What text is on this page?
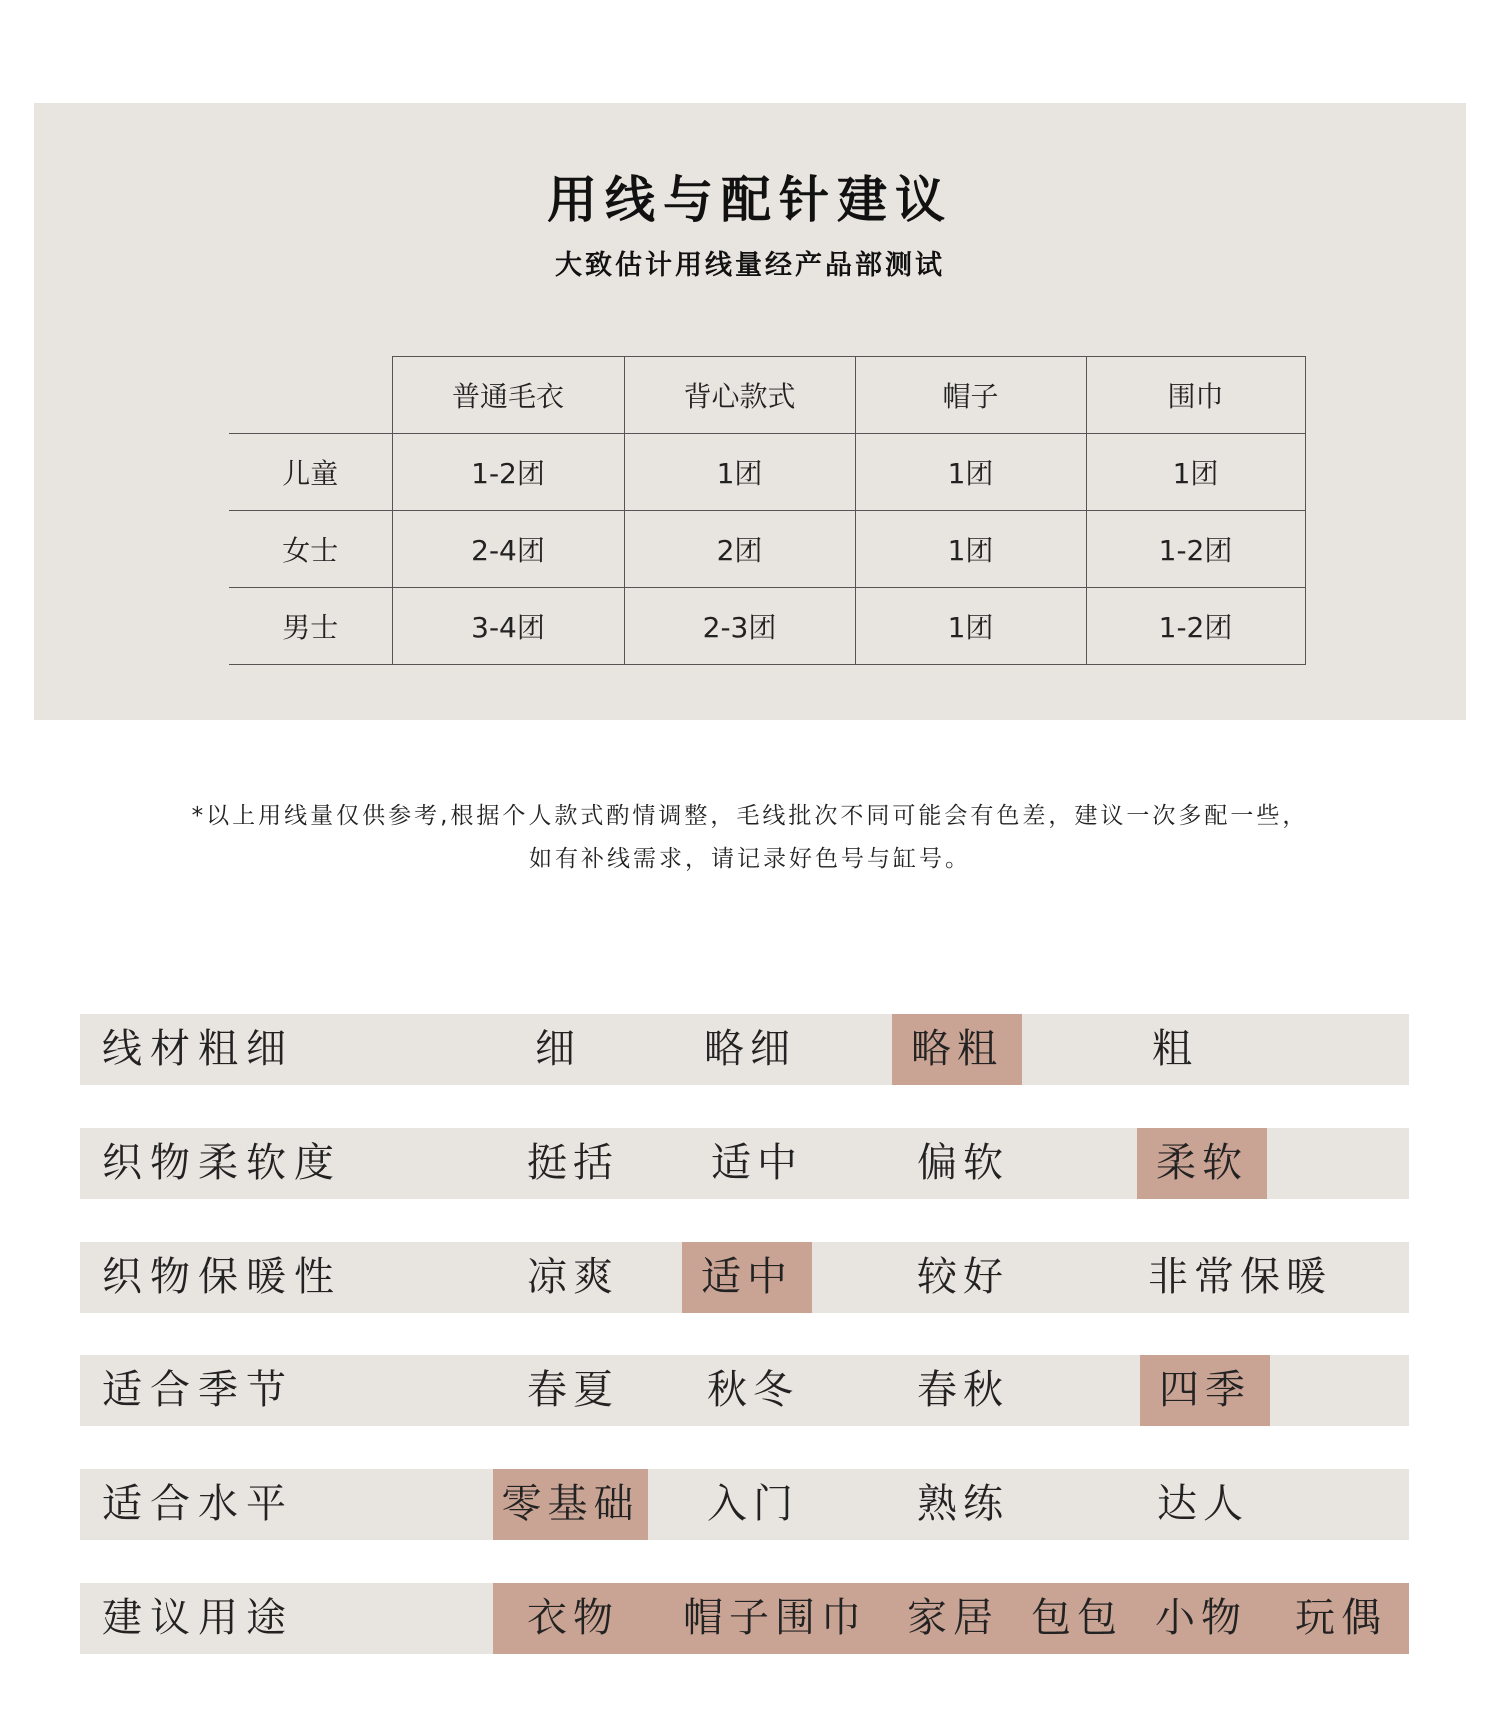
用线与配针建议
大致估计用线量经产品部测试
	普通毛衣	背心款式	帽子	围巾
儿童	1-2团	1团	1团	1团
女士	2-4团	2团	1团	1-2团
男士	3-4团	2-3团	1团	1-2团
*以上用线量仅供参考,根据个人款式酌情调整，毛线批次不同可能会有色差，建议一次多配一些，
如有补线需求，请记录好色号与缸号。
线材粗细	细	略细	略粗	粗
织物柔软度	挺括	适中	偏软	柔软
织物保暖性	凉爽	适中	较好	非常保暖
适合季节	春夏	秋冬	春秋	四季
适合水平	零基础	入门	熟练	达人
建议用途	衣物	帽子围巾 家居 包包 小物 玩偶
